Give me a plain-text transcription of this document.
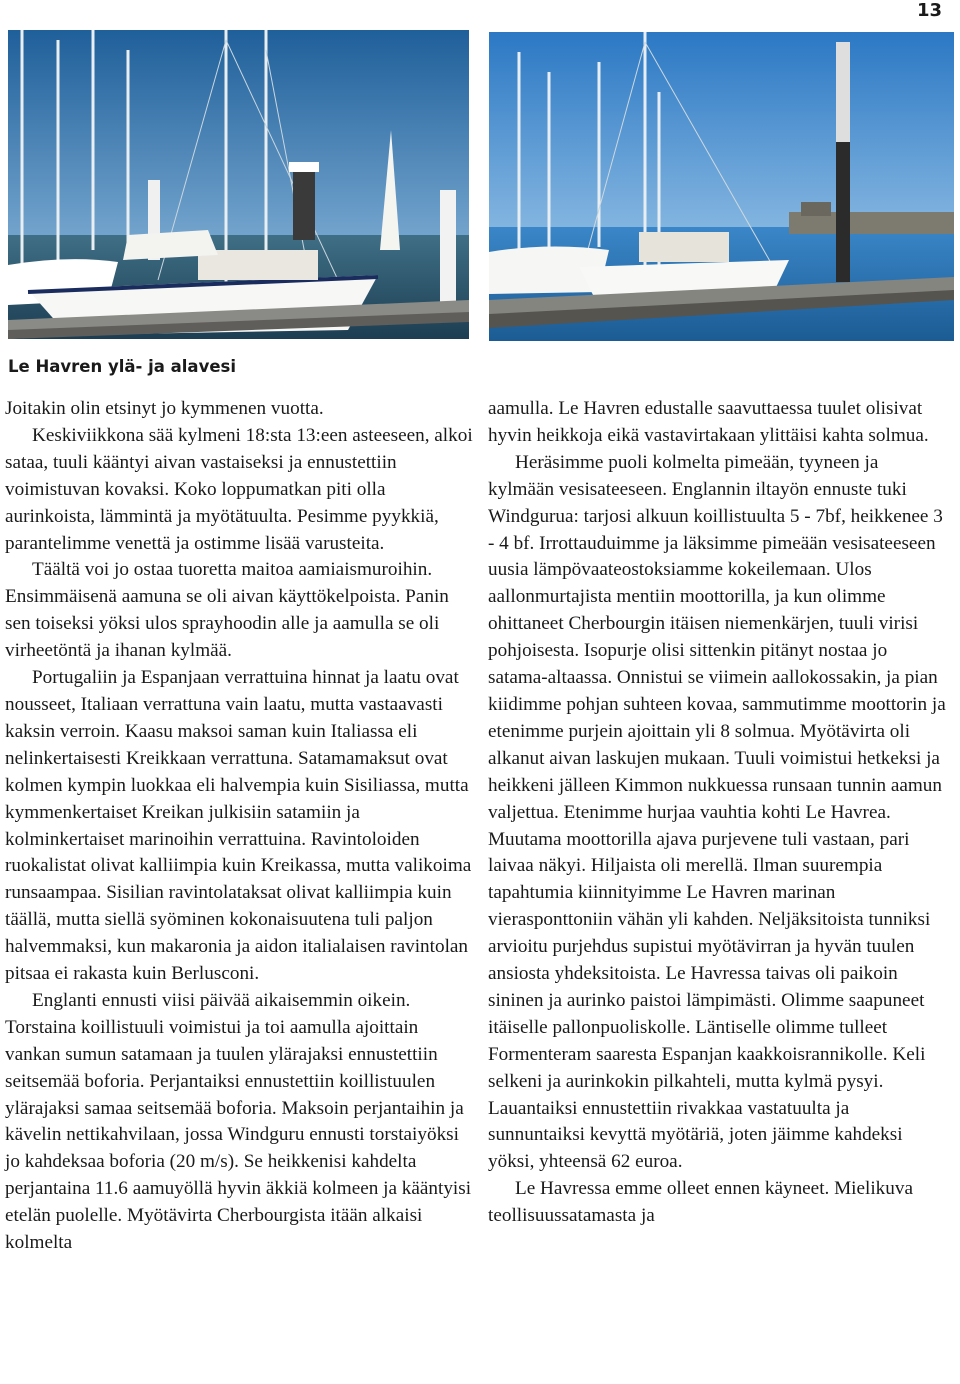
13
Le Havren ylä- ja alavesi

Joitakin olin etsinyt jo kymmenen vuotta.

Keskiviikkona sää kylmeni 18:sta 13:een asteeseen, alkoi sataa, tuuli kääntyi aivan vastaiseksi ja ennustettiin voimistuvan kovaksi. Koko loppumatkan piti olla aurinkoista, lämmintä ja myötätuulta. Pesimme pyykkiä, parantelimme venettä ja ostimme lisää varusteita.

Täältä voi jo ostaa tuoretta maitoa aamiaismuroihin. Ensimmäisenä aamuna se oli aivan käyttökelpoista. Panin sen toiseksi yöksi ulos sprayhoodin alle ja aamulla se oli virheetöntä ja ihanan kylmää.

Portugaliin ja Espanjaan verrattuina hinnat ja laatu ovat nousseet, Italiaan verrattuna vain laatu, mutta vastaavasti kaksin verroin. Kaasu maksoi saman kuin Italiassa eli nelinkertaisesti Kreikkaan verrattuna. Satamamaksut ovat kolmen kympin luokkaa eli halvempia kuin Sisiliassa, mutta kymmenkertaiset Kreikan julkisiin satamiin ja kolminkertaiset marinoihin verrattuina. Ravintoloiden ruokalistat olivat kalliimpia kuin Kreikassa, mutta valikoima runsaampaa. Sisilian ravintolataksat olivat kalliimpia kuin täällä, mutta siellä syöminen kokonaisuutena tuli paljon halvemmaksi, kun makaronia ja aidon italialaisen ravintolan pitsaa ei rakasta kuin Berlusconi.

Englanti ennusti viisi päivää aikaisemmin oikein. Torstaina koillistuuli voimistui ja toi aamulla ajoittain vankan sumun satamaan ja tuulen ylärajaksi ennustettiin seitsemää boforia. Perjantaiksi ennustettiin koillistuulen ylärajaksi samaa seitsemää boforia. Maksoin perjantaihin ja kävelin nettikahvilaan, jossa Windguru ennusti torstaiyöksi jo kahdeksaa boforia (20 m/s). Se heikkenisi kahdelta perjantaina 11.6 aamuyöllä hyvin äkkiä kolmeen ja kääntyisi etelän puolelle. Myötävirta Cherbourgista itään alkaisi kolmelta

aamulla. Le Havren edustalle saavuttaessa tuulet olisivat hyvin heikkoja eikä vastavirtakaan ylittäisi kahta solmua.

Heräsimme puoli kolmelta pimeään, tyyneen ja kylmään vesisateeseen. Englannin iltayön ennuste tuki Windgurua: tarjosi alkuun koillistuulta 5 - 7bf, heikkenee 3 - 4 bf. Irrottauduimme ja läksimme pimeään vesisateeseen uusia lämpövaateostoksiamme kokeilemaan. Ulos aallonmurtajista mentiin moottorilla, ja kun olimme ohittaneet Cherbourgin itäisen niemenkärjen, tuuli virisi pohjoisesta. Isopurje olisi sittenkin pitänyt nostaa jo satama-altaassa. Onnistui se viimein aallokossakin, ja pian kiidimme pohjan suhteen kovaa, sammutimme moottorin ja etenimme purjein ajoittain yli 8 solmua. Myötävirta oli alkanut aivan laskujen mukaan. Tuuli voimistui hetkeksi ja heikkeni jälleen Kimmon nukkuessa runsaan tunnin aamun valjettua. Etenimme hurjaa vauhtia kohti Le Havrea. Muutama moottorilla ajava purjevene tuli vastaan, pari laivaa näkyi. Hiljaista oli merellä. Ilman suurempia tapahtumia kiinnityimme Le Havren marinan vierasponttoniin vähän yli kahden. Neljäksitoista tunniksi arvioitu purjehdus supistui myötävirran ja hyvän tuulen ansiosta yhdeksitoista. Le Havressa taivas oli paikoin sininen ja aurinko paistoi lämpimästi. Olimme saapuneet itäiselle pallonpuoliskolle. Läntiselle olimme tulleet Formenteram saaresta Espanjan kaakkoisrannikolle. Keli selkeni ja aurinkokin pilkahteli, mutta kylmä pysyi. Lauantaiksi ennustettiin rivakkaa vastatuulta ja sunnuntaiksi kevyttä myötäriä, joten jäimme kahdeksi yöksi, yhteensä 62 euroa.

Le Havressa emme olleet ennen käyneet. Mielikuva teollisuussatamasta ja
